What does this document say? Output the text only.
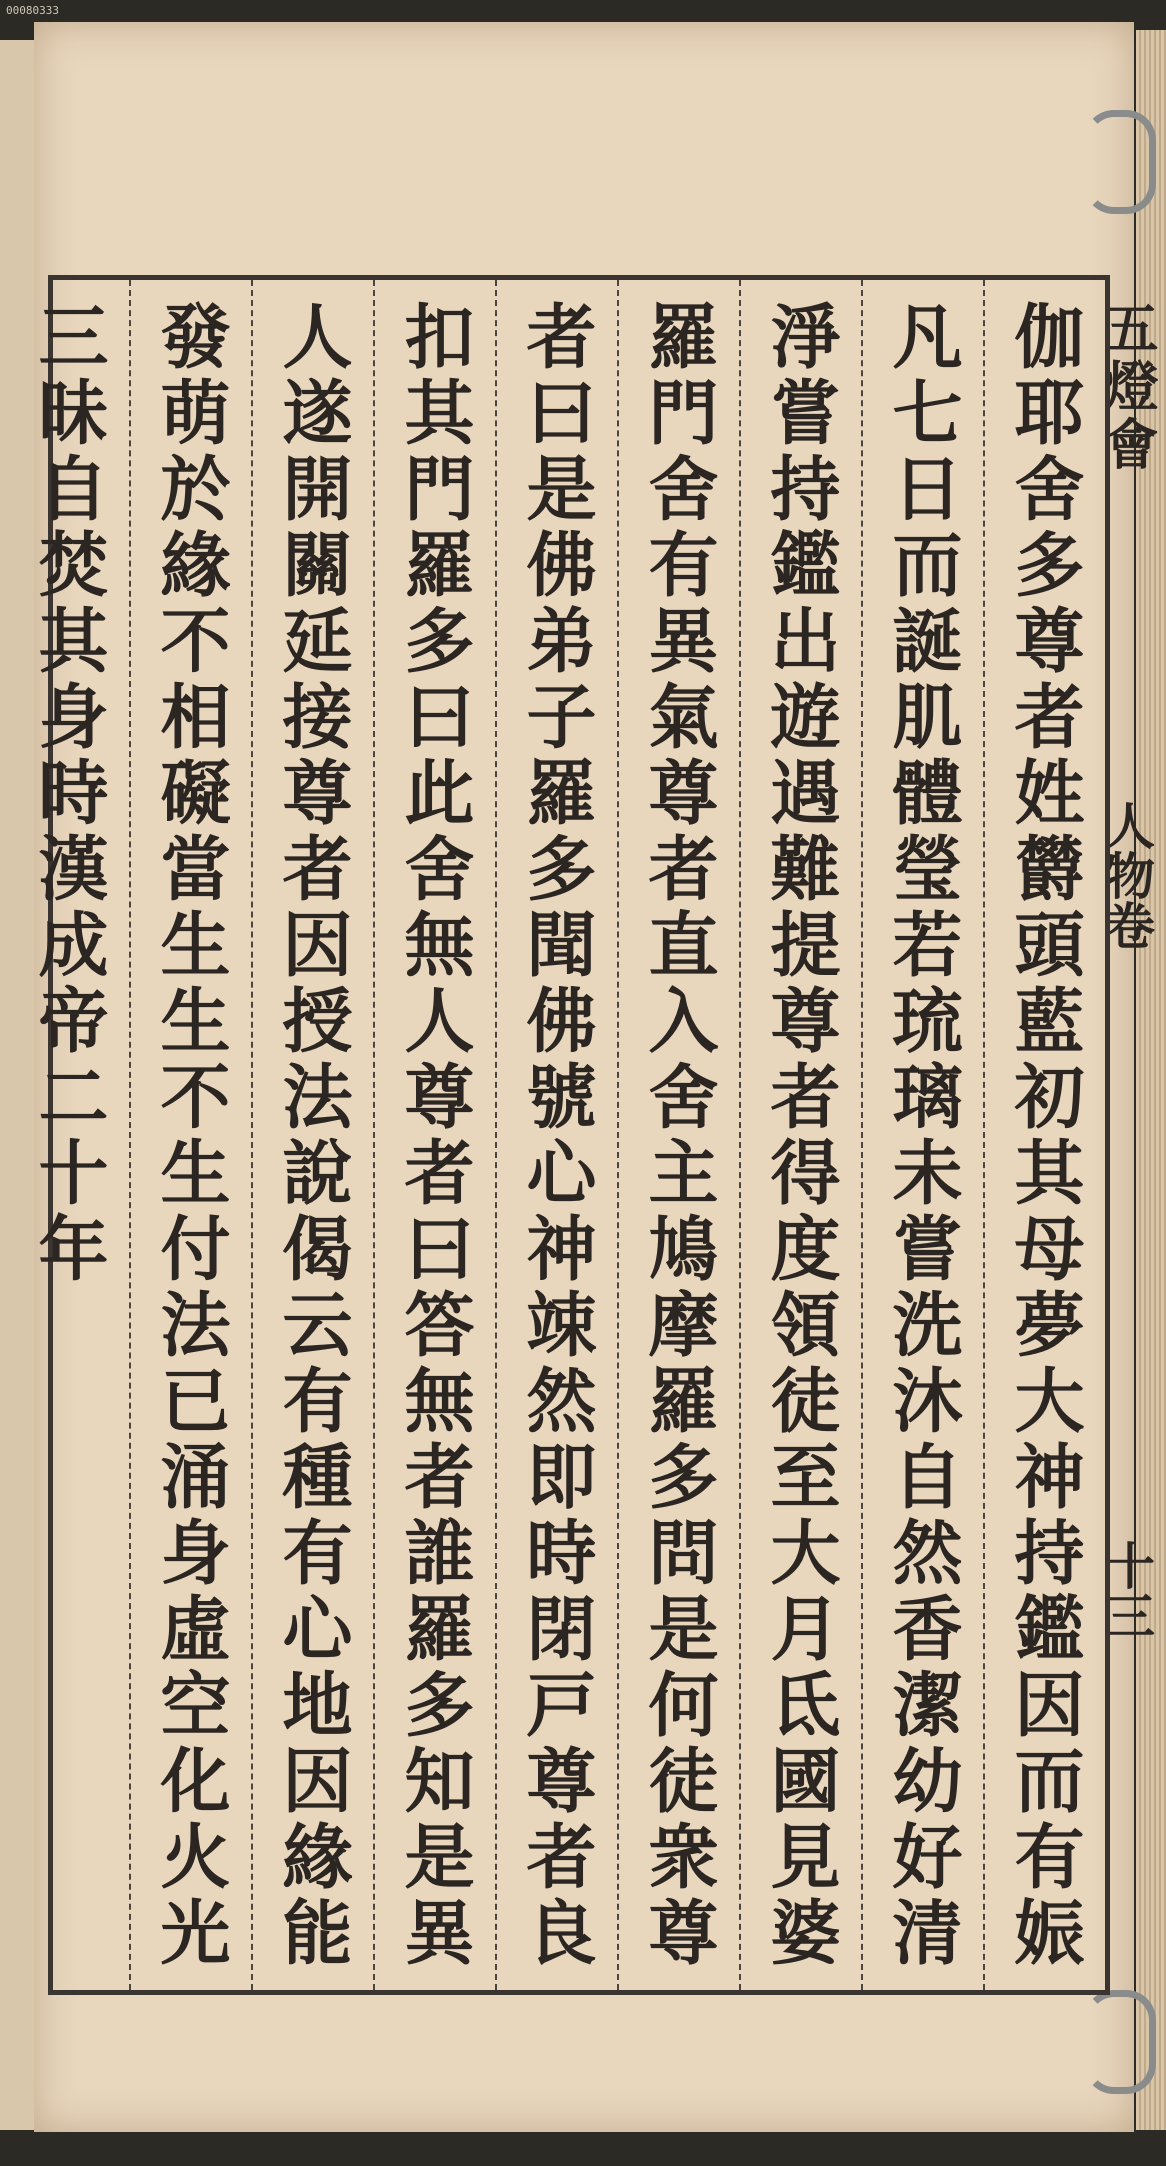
00080333
五燈會
人物卷
十三
伽耶舍多尊者姓欝頭藍初其母夢大神持鑑因而有娠
凡七日而誕肌體瑩若琉璃未嘗洗沐自然香潔幼好清
淨嘗持鑑出遊遇難提尊者得度領徒至大月氐國見婆
羅門舍有異氣尊者直入舍主鳩摩羅多問是何徒衆尊
者曰是佛弟子羅多聞佛號心神竦然即時閉戸尊者良
扣其門羅多曰此舍無人尊者曰答無者誰羅多知是異
人遂開關延接尊者因授法說偈云有種有心地因緣能
發萌於緣不相礙當生生不生付法已涌身虛空化火光
三昧自焚其身時漢成帝二十年
